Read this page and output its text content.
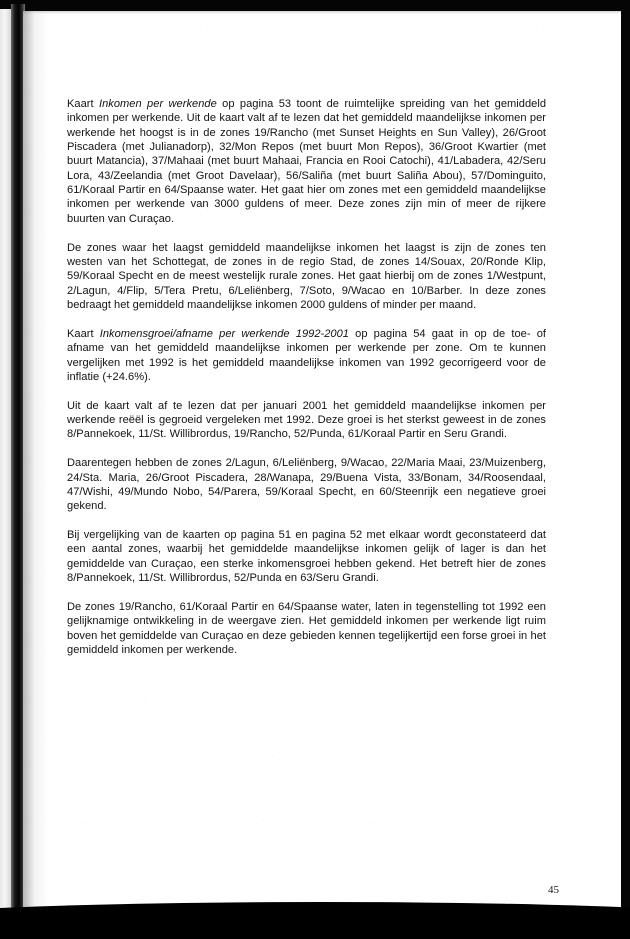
Kaart Inkomen per werkende op pagina 53 toont de ruimtelijke spreiding van het gemiddeld inkomen per werkende. Uit de kaart valt af te lezen dat het gemiddeld maandelijkse inkomen per werkende het hoogst is in de zones 19/Rancho (met Sunset Heights en Sun Valley), 26/Groot Piscadera (met Julianadorp), 32/Mon Repos (met buurt Mon Repos), 36/Groot Kwartier (met buurt Matancia), 37/Mahaai (met buurt Mahaai, Francia en Rooi Catochi), 41/Labadera, 42/Seru Lora, 43/Zeelandia (met Groot Davelaar), 56/Saliña (met buurt Saliña Abou), 57/Dominguito, 61/Koraal Partir en 64/Spaanse water. Het gaat hier om zones met een gemiddeld maandelijkse inkomen per werkende van 3000 guldens of meer. Deze zones zijn min of meer de rijkere buurten van Curaçao.

De zones waar het laagst gemiddeld maandelijkse inkomen het laagst is zijn de zones ten westen van het Schottegat, de zones in de regio Stad, de zones 14/Souax, 20/Ronde Klip, 59/Koraal Specht en de meest westelijk rurale zones. Het gaat hierbij om de zones 1/Westpunt, 2/Lagun, 4/Flip, 5/Tera Pretu, 6/Leliënberg, 7/Soto, 9/Wacao en 10/Barber. In deze zones bedraagt het gemiddeld maandelijkse inkomen 2000 guldens of minder per maand.

Kaart Inkomensgroei/afname per werkende 1992-2001 op pagina 54 gaat in op de toe- of afname van het gemiddeld maandelijkse inkomen per werkende per zone. Om te kunnen vergelijken met 1992 is het gemiddeld maandelijkse inkomen van 1992 gecorrigeerd voor de inflatie (+24.6%).

Uit de kaart valt af te lezen dat per januari 2001 het gemiddeld maandelijkse inkomen per werkende reëël is gegroeid vergeleken met 1992. Deze groei is het sterkst geweest in de zones 8/Pannekoek, 11/St. Willibrordus, 19/Rancho, 52/Punda, 61/Koraal Partir en Seru Grandi.

Daarentegen hebben de zones 2/Lagun, 6/Leliënberg, 9/Wacao, 22/Maria Maai, 23/Muizenberg, 24/Sta. Maria, 26/Groot Piscadera, 28/Wanapa, 29/Buena Vista, 33/Bonam, 34/Roosendaal, 47/Wishi, 49/Mundo Nobo, 54/Parera, 59/Koraal Specht, en 60/Steenrijk een negatieve groei gekend.

Bij vergelijking van de kaarten op pagina 51 en pagina 52 met elkaar wordt geconstateerd dat een aantal zones, waarbij het gemiddelde maandelijkse inkomen gelijk of lager is dan het gemiddelde van Curaçao, een sterke inkomensgroei hebben gekend. Het betreft hier de zones 8/Pannekoek, 11/St. Willibrordus, 52/Punda en 63/Seru Grandi.

De zones 19/Rancho, 61/Koraal Partir en 64/Spaanse water, laten in tegenstelling tot 1992 een gelijknamige ontwikkeling in de weergave zien. Het gemiddeld inkomen per werkende ligt ruim boven het gemiddelde van Curaçao en deze gebieden kennen tegelijkertijd een forse groei in het gemiddeld inkomen per werkende.

45
